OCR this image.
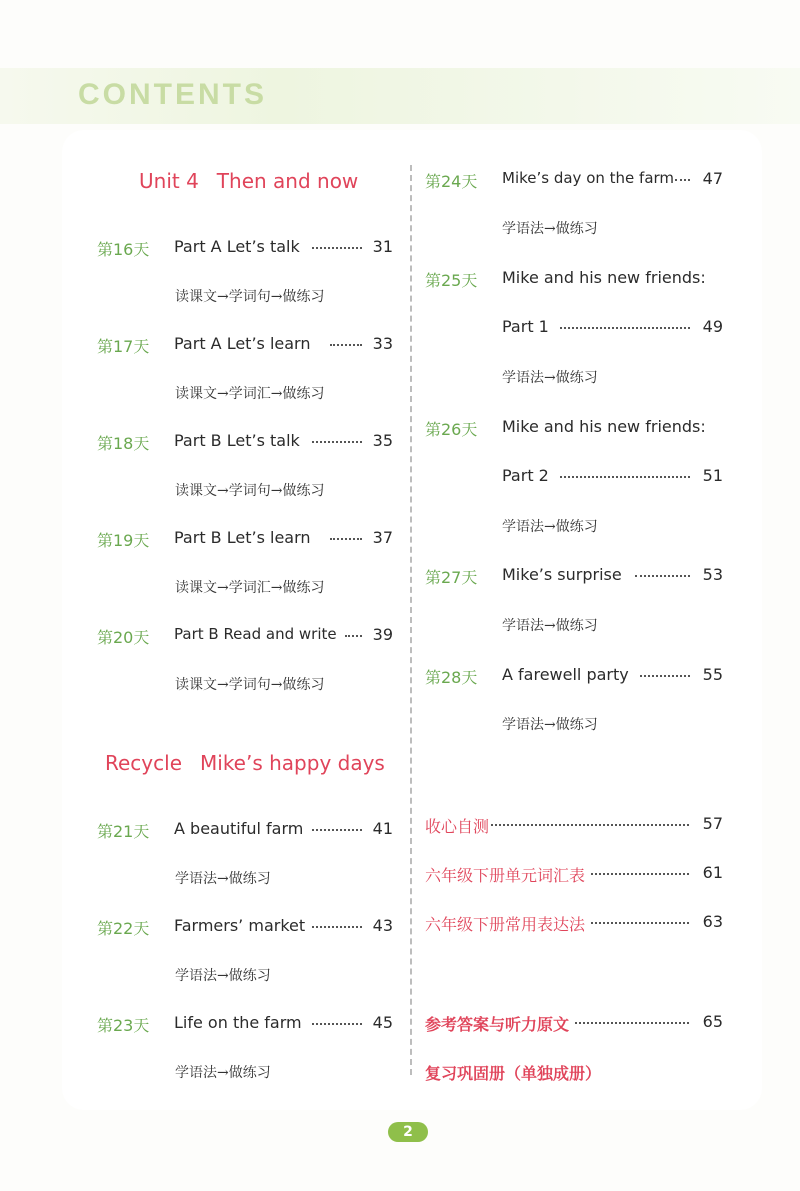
CONTENTS
Unit 4 Then and now
第16天 Part A Let’s talk	31
读课文→学词句→做练习
第17天 Part A Let’s learn	33
读课文→学词汇→做练习
第18天 Part B Let’s talk	35
读课文→学词句→做练习
第19天 Part B Let’s learn	37
读课文→学词汇→做练习
第20天 Part B Read and write	39
读课文→学词句→做练习
Recycle Mike’s happy days
第21天 A beautiful farm	41
学语法→做练习
第22天 Farmers’ market	43
学语法→做练习
第23天 Life on the farm	45
学语法→做练习
第24天 Mike’s day on the farm	47
学语法→做练习
第25天 Mike and his new friends:
Part 1	49
学语法→做练习
第26天 Mike and his new friends:
Part 2	51
学语法→做练习
第27天 Mike’s surprise	53
学语法→做练习
第28天 A farewell party	55
学语法→做练习
收心自测	57
六年级下册单元词汇表	61
六年级下册常用表达法	63
参考答案与听力原文	65
复习巩固册（单独成册）
2
